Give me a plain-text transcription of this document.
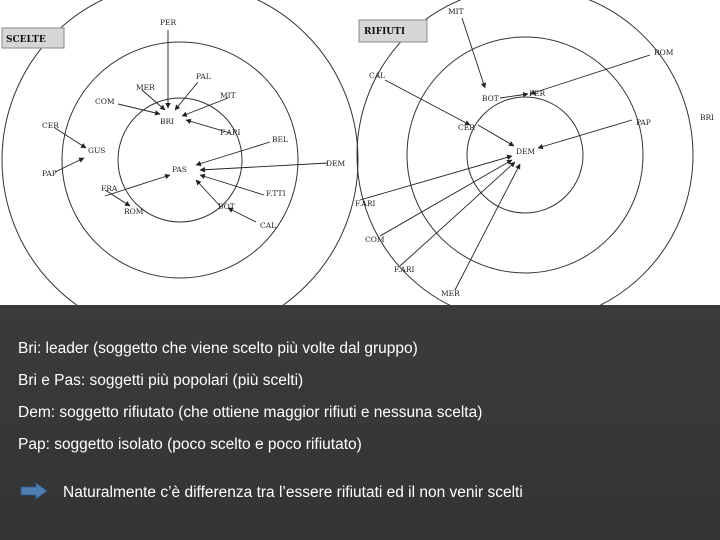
SCELTE
PER
MER
PAL
COM
MIT
BRI
F.ARI
CER
BEL
GUS
PAS
DEM
PAP
FRA
F.TTI
ROM
BOT
CAL
RIFIUTI
MIT
ROM
CAL
BOT
PER
PAP
BRI
CER
DEM
F.ARI
COM
F.ARI
MER
Bri: leader (soggetto che viene scelto più volte dal gruppo)
Bri e Pas: soggetti più popolari (più scelti)
Dem: soggetto rifiutato (che ottiene maggior rifiuti e nessuna scelta)
Pap: soggetto isolato (poco scelto e poco rifiutato)
Naturalmente c’è differenza tra l’essere rifiutati ed il non venir scelti
